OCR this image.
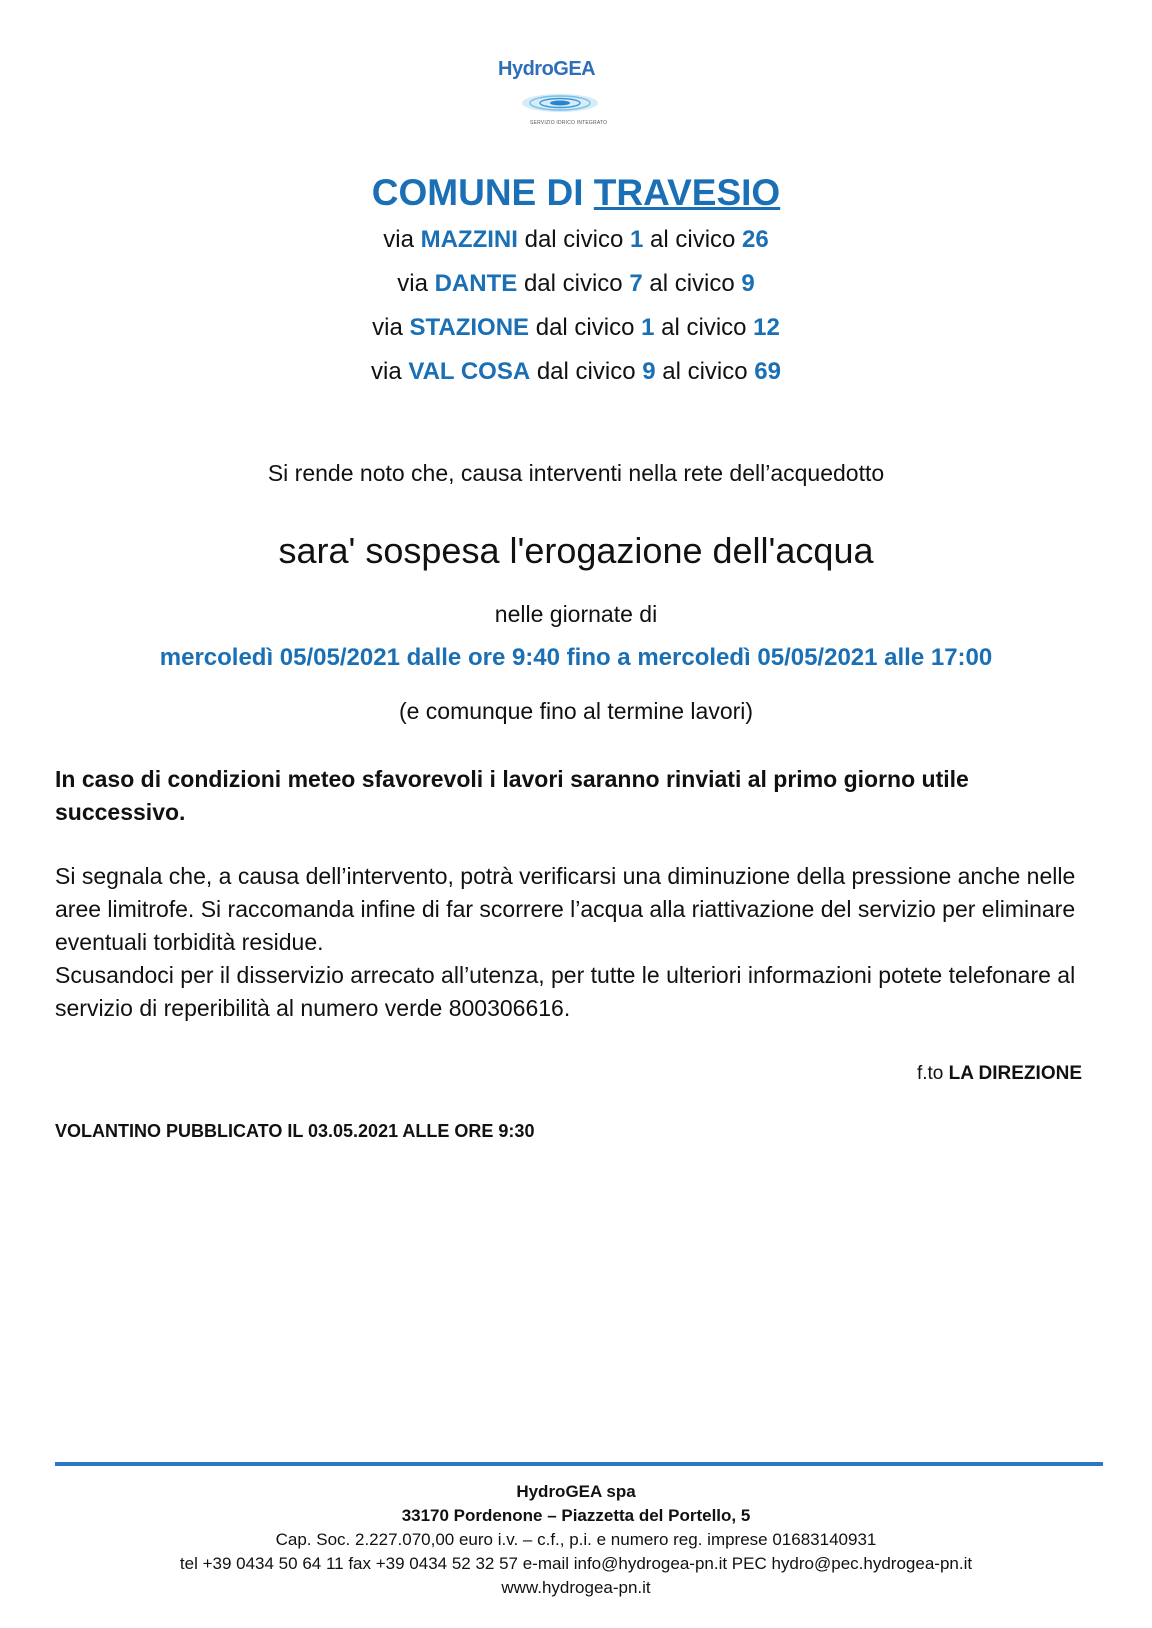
HydroGEA
SERVIZIO IDRICO INTEGRATO
COMUNE DI TRAVESIO
via MAZZINI dal civico 1 al civico 26
via DANTE dal civico 7 al civico 9
via STAZIONE dal civico 1 al civico 12
via VAL COSA dal civico 9 al civico 69
Si rende noto che, causa interventi nella rete dell’acquedotto
sara' sospesa l'erogazione dell'acqua
nelle giornate di
mercoledì 05/05/2021 dalle ore 9:40 fino a mercoledì 05/05/2021 alle 17:00
(e comunque fino al termine lavori)
In caso di condizioni meteo sfavorevoli i lavori saranno rinviati al primo giorno utile successivo.

Si segnala che, a causa dell’intervento, potrà verificarsi una diminuzione della pressione anche nelle aree limitrofe. Si raccomanda infine di far scorrere l’acqua alla riattivazione del servizio per eliminare eventuali torbidità residue.

Scusandoci per il disservizio arrecato all’utenza, per tutte le ulteriori informazioni potete telefonare al servizio di reperibilità al numero verde 800306616.

f.to LA DIREZIONE
VOLANTINO PUBBLICATO IL 03.05.2021 ALLE ORE 9:30
HydroGEA spa
33170 Pordenone – Piazzetta del Portello, 5
Cap. Soc. 2.227.070,00 euro i.v. – c.f., p.i. e numero reg. imprese 01683140931
tel +39 0434 50 64 11 fax +39 0434 52 32 57 e-mail info@hydrogea-pn.it PEC hydro@pec.hydrogea-pn.it
www.hydrogea-pn.it
